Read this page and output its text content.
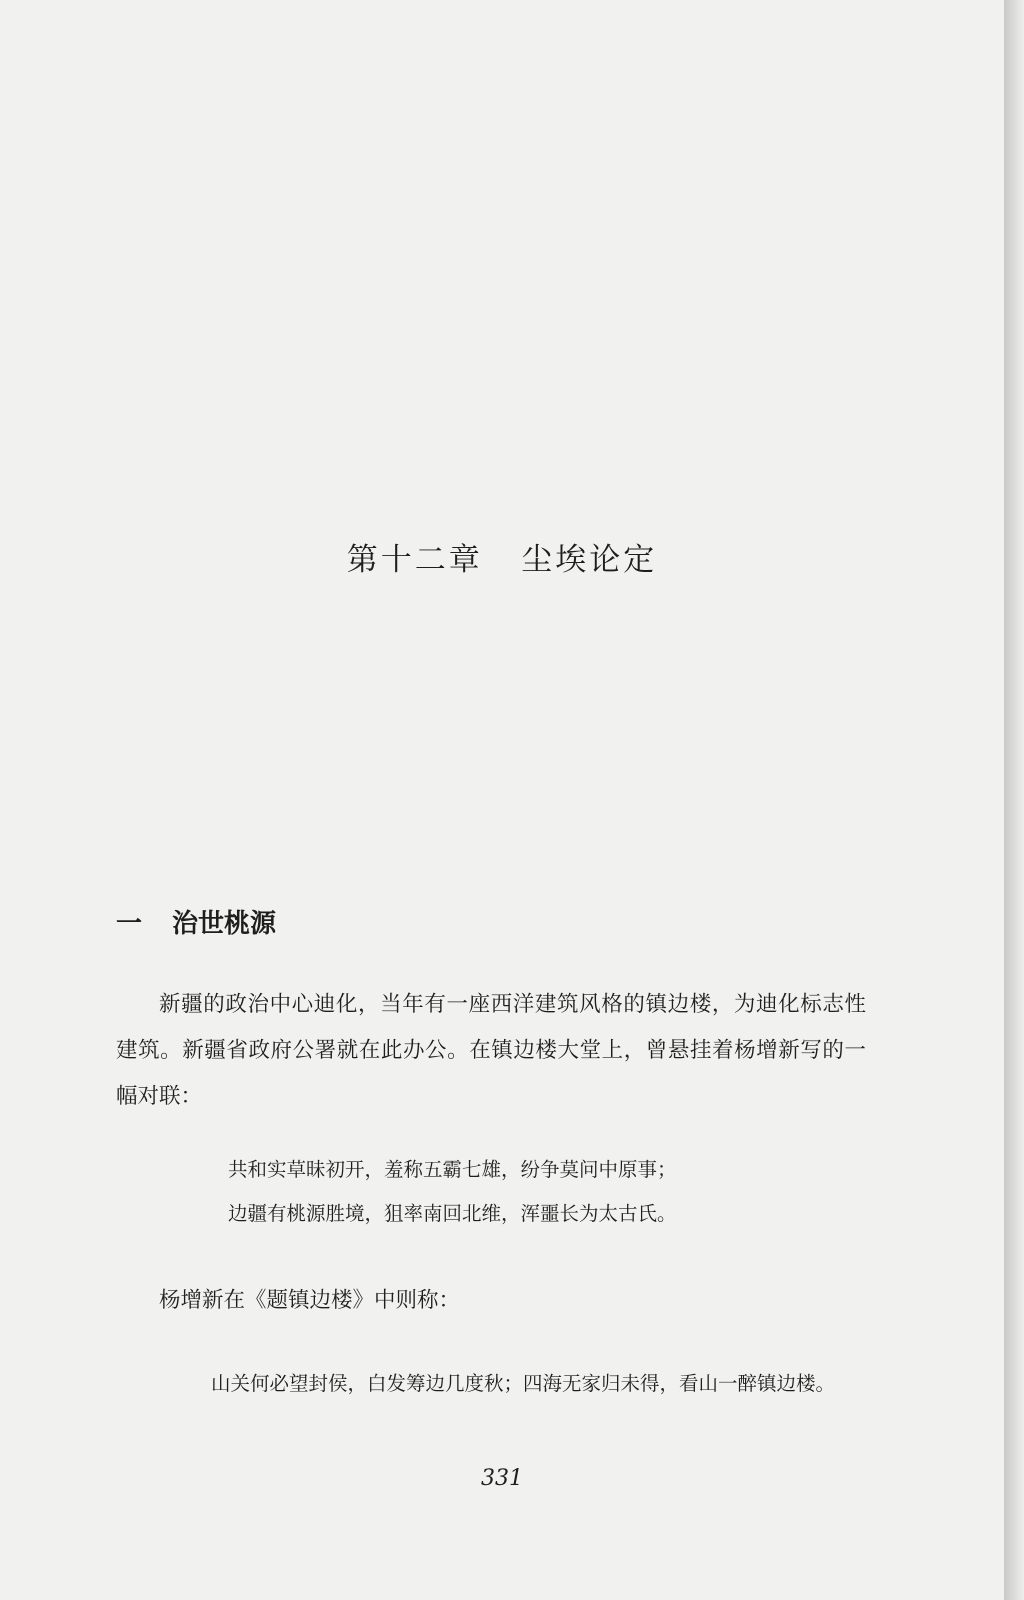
第十二章   尘埃论定
一 治世桃源
新疆的政治中心迪化，当年有一座西洋建筑风格的镇边楼，为迪化标志性建筑。新疆省政府公署就在此办公。在镇边楼大堂上，曾悬挂着杨增新写的一幅对联：
共和实草昧初开，羞称五霸七雄，纷争莫问中原事；
边疆有桃源胜境，狙率南回北维，浑噩长为太古氏。
杨增新在《题镇边楼》中则称：
山关何必望封侯，白发筹边几度秋；四海无家归未得，看山一醉镇边楼。
331
